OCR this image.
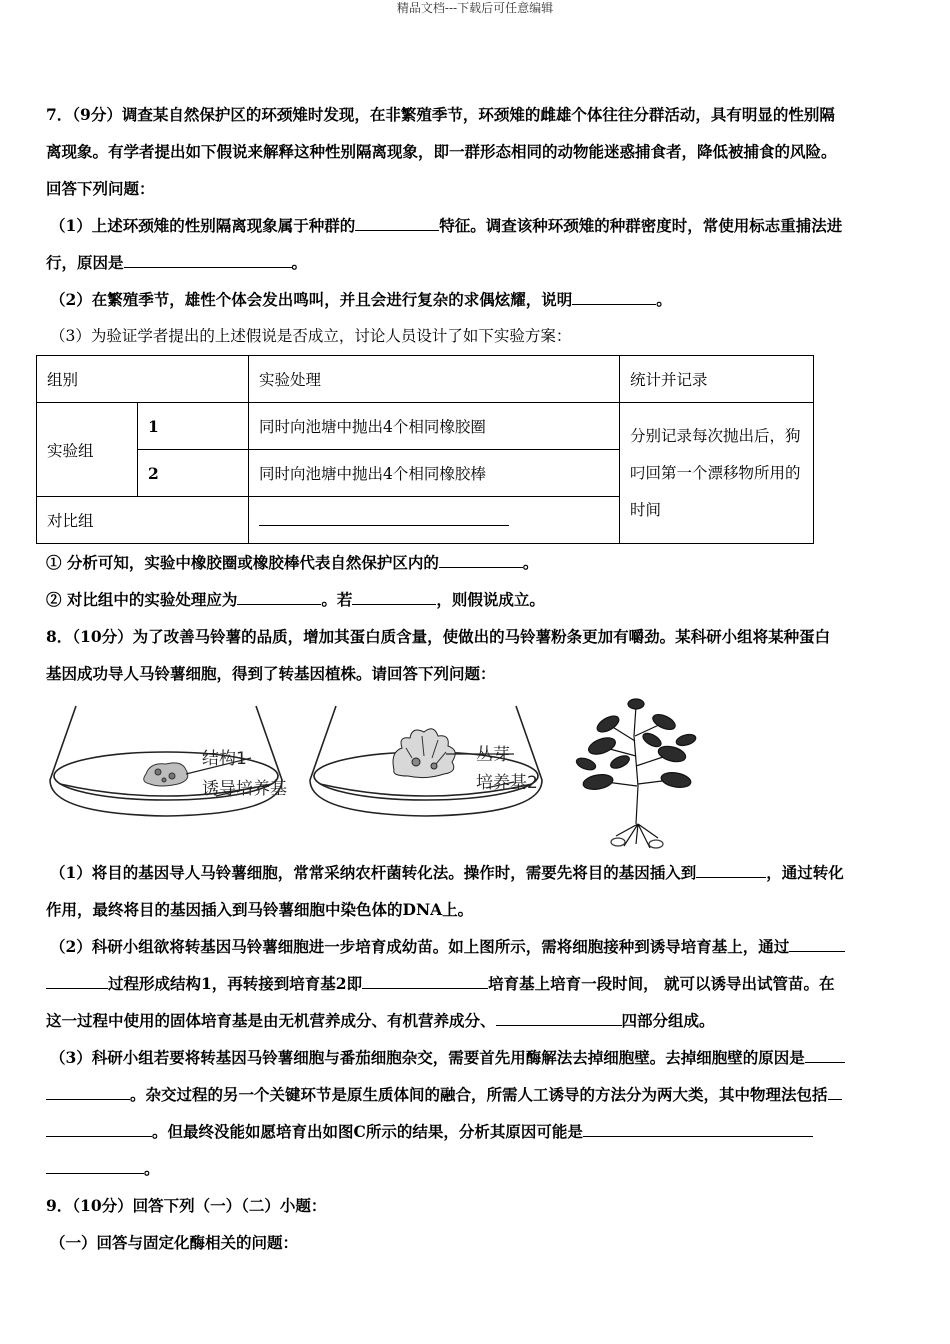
精品文档---下载后可任意编辑
7．（9分）调查某自然保护区的环颈雉时发现，在非繁殖季节，环颈雉的雌雄个体往往分群活动，具有明显的性别隔
离现象。有学者提出如下假说来解释这种性别隔离现象，即一群形态相同的动物能迷惑捕食者，降低被捕食的风险。
回答下列问题：
（1）上述环颈雉的性别隔离现象属于种群的	特征。调查该种环颈雉的种群密度时，常使用标志重捕法进
行，原因是	。
（2）在繁殖季节，雄性个体会发出鸣叫，并且会进行复杂的求偶炫耀，说明	。
（3）为验证学者提出的上述假说是否成立，讨论人员设计了如下实验方案：
组别		实验处理	统计并记录
实验组	1	同时向池塘中抛出4个相同橡胶圈	分别记录每次抛出后，狗叼回第一个漂移物所用的时间
	2	同时向池塘中抛出4个相同橡胶棒	
对比组			
① 分析可知，实验中橡胶圈或橡胶棒代表自然保护区内的	。
② 对比组中的实验处理应为	。若	，则假说成立。
8．（10分）为了改善马铃薯的品质，增加其蛋白质含量，使做出的马铃薯粉条更加有嚼劲。某科研小组将某种蛋白
基因成功导人马铃薯细胞，得到了转基因植株。请回答下列问题：
结构1
诱导培养基
丛芽
培养基2
（1）将目的基因导人马铃薯细胞，常常采纳农杆菌转化法。操作时，需要先将目的基因插入到	，通过转化
作用，最终将目的基因插入到马铃薯细胞中染色体的DNA上。
（2）科研小组欲将转基因马铃薯细胞进一步培育成幼苗。如上图所示，需将细胞接种到诱导培育基上，通过
过程形成结构1，再转接到培育基2即	培育基上培育一段时间， 就可以诱导出试管苗。在
这一过程中使用的固体培育基是由无机营养成分、有机营养成分、	四部分组成。
（3）科研小组若要将转基因马铃薯细胞与番茄细胞杂交，需要首先用酶解法去掉细胞壁。去掉细胞壁的原因是
。杂交过程的另一个关键环节是原生质体间的融合，所需人工诱导的方法分为两大类，其中物理法包括
。但最终没能如愿培育出如图C所示的结果，分析其原因可能是
。
9．（10分）回答下列（一）（二）小题：
（一）回答与固定化酶相关的问题：
